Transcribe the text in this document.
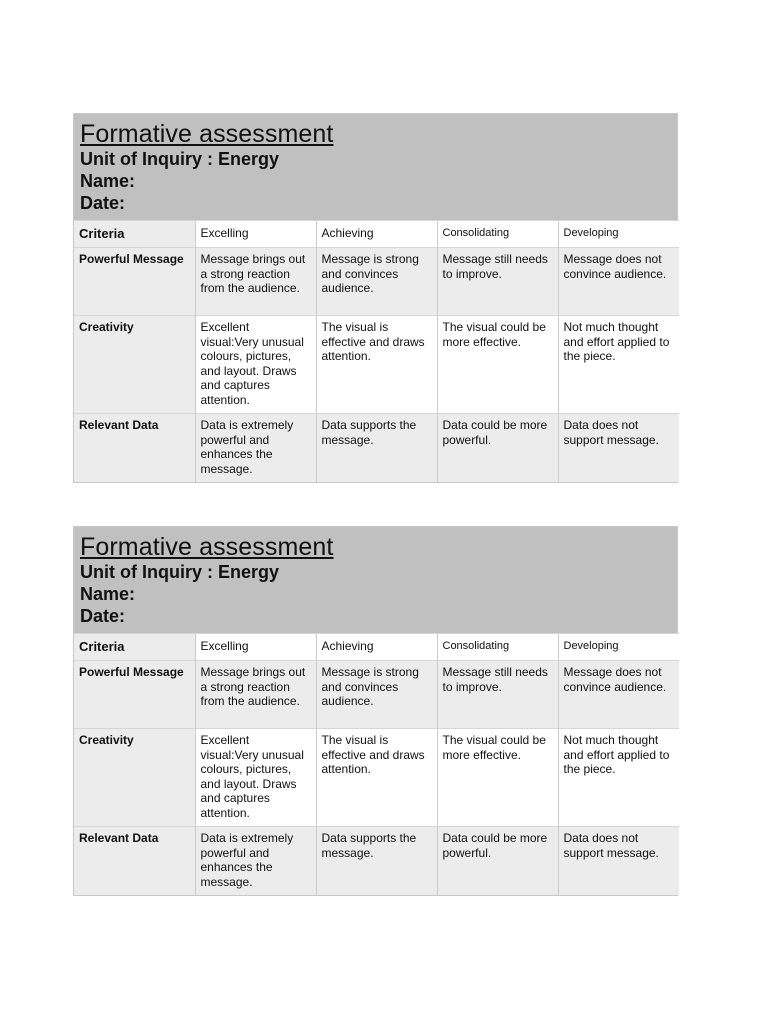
Formative assessment

Unit of Inquiry : Energy

Name:

Date:

Criteria	Excelling	Achieving	Consolidating	Developing
Powerful Message	Message brings out a strong reaction from the audience.	Message is strong and convinces audience.	Message still needs to improve.	Message does not convince audience.
Creativity	Excellent visual:Very unusual colours, pictures, and layout. Draws and captures attention.	The visual is effective and draws attention.	The visual could be more effective.	Not much thought and effort applied to the piece.
Relevant Data	Data is extremely powerful and enhances the message.	Data supports the message.	Data could be more powerful.	Data does not support message.

Formative assessment

Unit of Inquiry : Energy

Name:

Date:

Criteria	Excelling	Achieving	Consolidating	Developing
Powerful Message	Message brings out a strong reaction from the audience.	Message is strong and convinces audience.	Message still needs to improve.	Message does not convince audience.
Creativity	Excellent visual:Very unusual colours, pictures, and layout. Draws and captures attention.	The visual is effective and draws attention.	The visual could be more effective.	Not much thought and effort applied to the piece.
Relevant Data	Data is extremely powerful and enhances the message.	Data supports the message.	Data could be more powerful.	Data does not support message.
